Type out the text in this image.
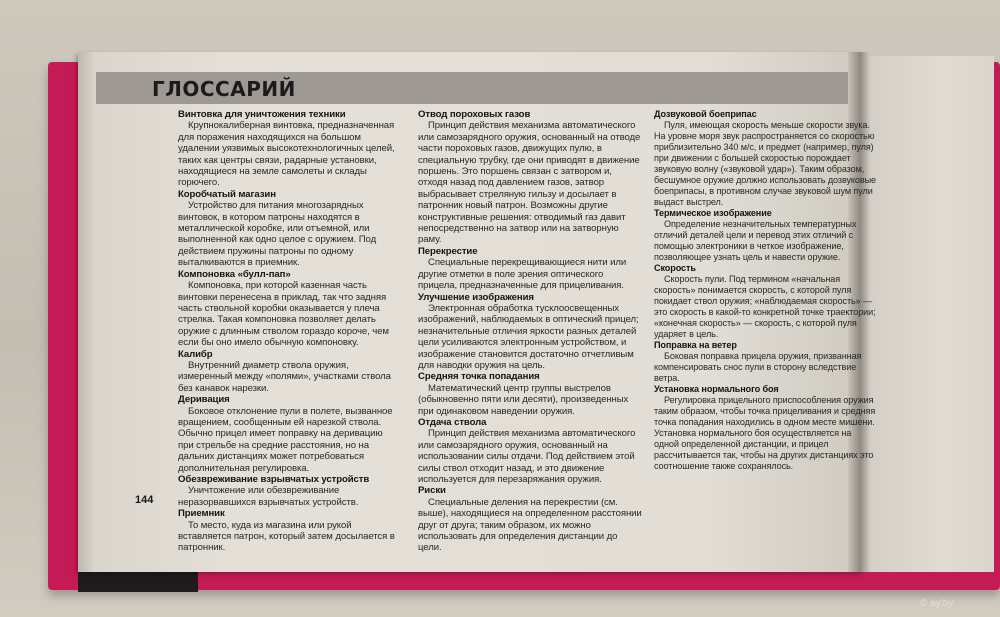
ГЛОССАРИЙ
Винтовка для уничтожения техники
Крупнокалиберная винтовка, предназначенная для поражения находящихся на большом удалении уязвимых высокотехнологичных целей, таких как центры связи, радарные установки, находящиеся на земле самолеты и склады горючего.
Коробчатый магазин
Устройство для питания многозарядных винтовок, в котором патроны находятся в металлической коробке, или отъемной, или выполненной как одно целое с оружием. Под действием пружины патроны по одному выталкиваются в приемник.
Компоновка «булл-пап»
Компоновка, при которой казенная часть винтовки перенесена в приклад, так что задняя часть ствольной коробки оказывается у плеча стрелка. Такая компоновка позволяет делать оружие с длинным стволом гораздо короче, чем если бы оно имело обычную компоновку.
Калибр
Внутренний диаметр ствола оружия, измеренный между «полями», участками ствола без канавок нарезки.
Деривация
Боковое отклонение пули в полете, вызванное вращением, сообщенным ей нарезкой ствола. Обычно прицел имеет поправку на деривацию при стрельбе на средние расстояния, но на дальних дистанциях может потребоваться дополнительная регулировка.
Обезвреживание взрывчатых устройств
Уничтожение или обезвреживание неразорвавшихся взрывчатых устройств.
Приемник
То место, куда из магазина или рукой вставляется патрон, который затем досылается в патронник.
Отвод пороховых газов
Принцип действия механизма автоматического или самозарядного оружия, основанный на отводе части пороховых газов, движущих пулю, в специальную трубку, где они приводят в движение поршень. Это поршень связан с затвором и, отходя назад под давлением газов, затвор выбрасывает стреляную гильзу и досылает в патронник новый патрон. Возможны другие конструктивные решения: отводимый газ давит непосредственно на затвор или на затворную раму.
Перекрестие
Специальные перекрещивающиеся нити или другие отметки в поле зрения оптического прицела, предназначенные для прицеливания.
Улучшение изображения
Электронная обработка тусклоосвещенных изображений, наблюдаемых в оптический прицел; незначительные отличия яркости разных деталей цели усиливаются электронным устройством, и изображение становится достаточно отчетливым для наводки оружия на цель.
Средняя точка попадания
Математический центр группы выстрелов (обыкновенно пяти или десяти), произведенных при одинаковом наведении оружия.
Отдача ствола
Принцип действия механизма автоматического или самозарядного оружия, основанный на использовании силы отдачи. Под действием этой силы ствол отходит назад, и это движение используется для перезаряжания оружия.
Риски
Специальные деления на перекрестии (см. выше), находящиеся на определенном расстоянии друг от друга; таким образом, их можно использовать для определения дистанции до цели.
Дозвуковой боеприпас
Пуля, имеющая скорость меньше скорости звука. На уровне моря звук распространяется со скоростью приблизительно 340 м/с, и предмет (например, пуля) при движении с большей скоростью порождает звуковую волну («звуковой удар»). Таким образом, бесшумное оружие должно использовать дозвуковые боеприпасы, в противном случае звуковой шум пули выдаст выстрел.
Термическое изображение
Определение незначительных температурных отличий деталей цели и перевод этих отличий с помощью электроники в четкое изображение, позволяющее узнать цель и навести оружие.
Скорость
Скорость пули. Под термином «начальная скорость» понимается скорость, с которой пуля покидает ствол оружия; «наблюдаемая скорость» — это скорость в какой-то конкретной точке траектории; «конечная скорость» — скорость, с которой пуля ударяет в цель.
Поправка на ветер
Боковая поправка прицела оружия, призванная компенсировать снос пули в сторону вследствие ветра.
Установка нормального боя
Регулировка прицельного приспособления оружия таким образом, чтобы точка прицеливания и средняя точка попадания находились в одном месте мишени. Установка нормального боя осуществляется на одной определенной дистанции, и прицел рассчитывается так, чтобы на других дистанциях это соотношение также сохранялось.
144
© ay.by
